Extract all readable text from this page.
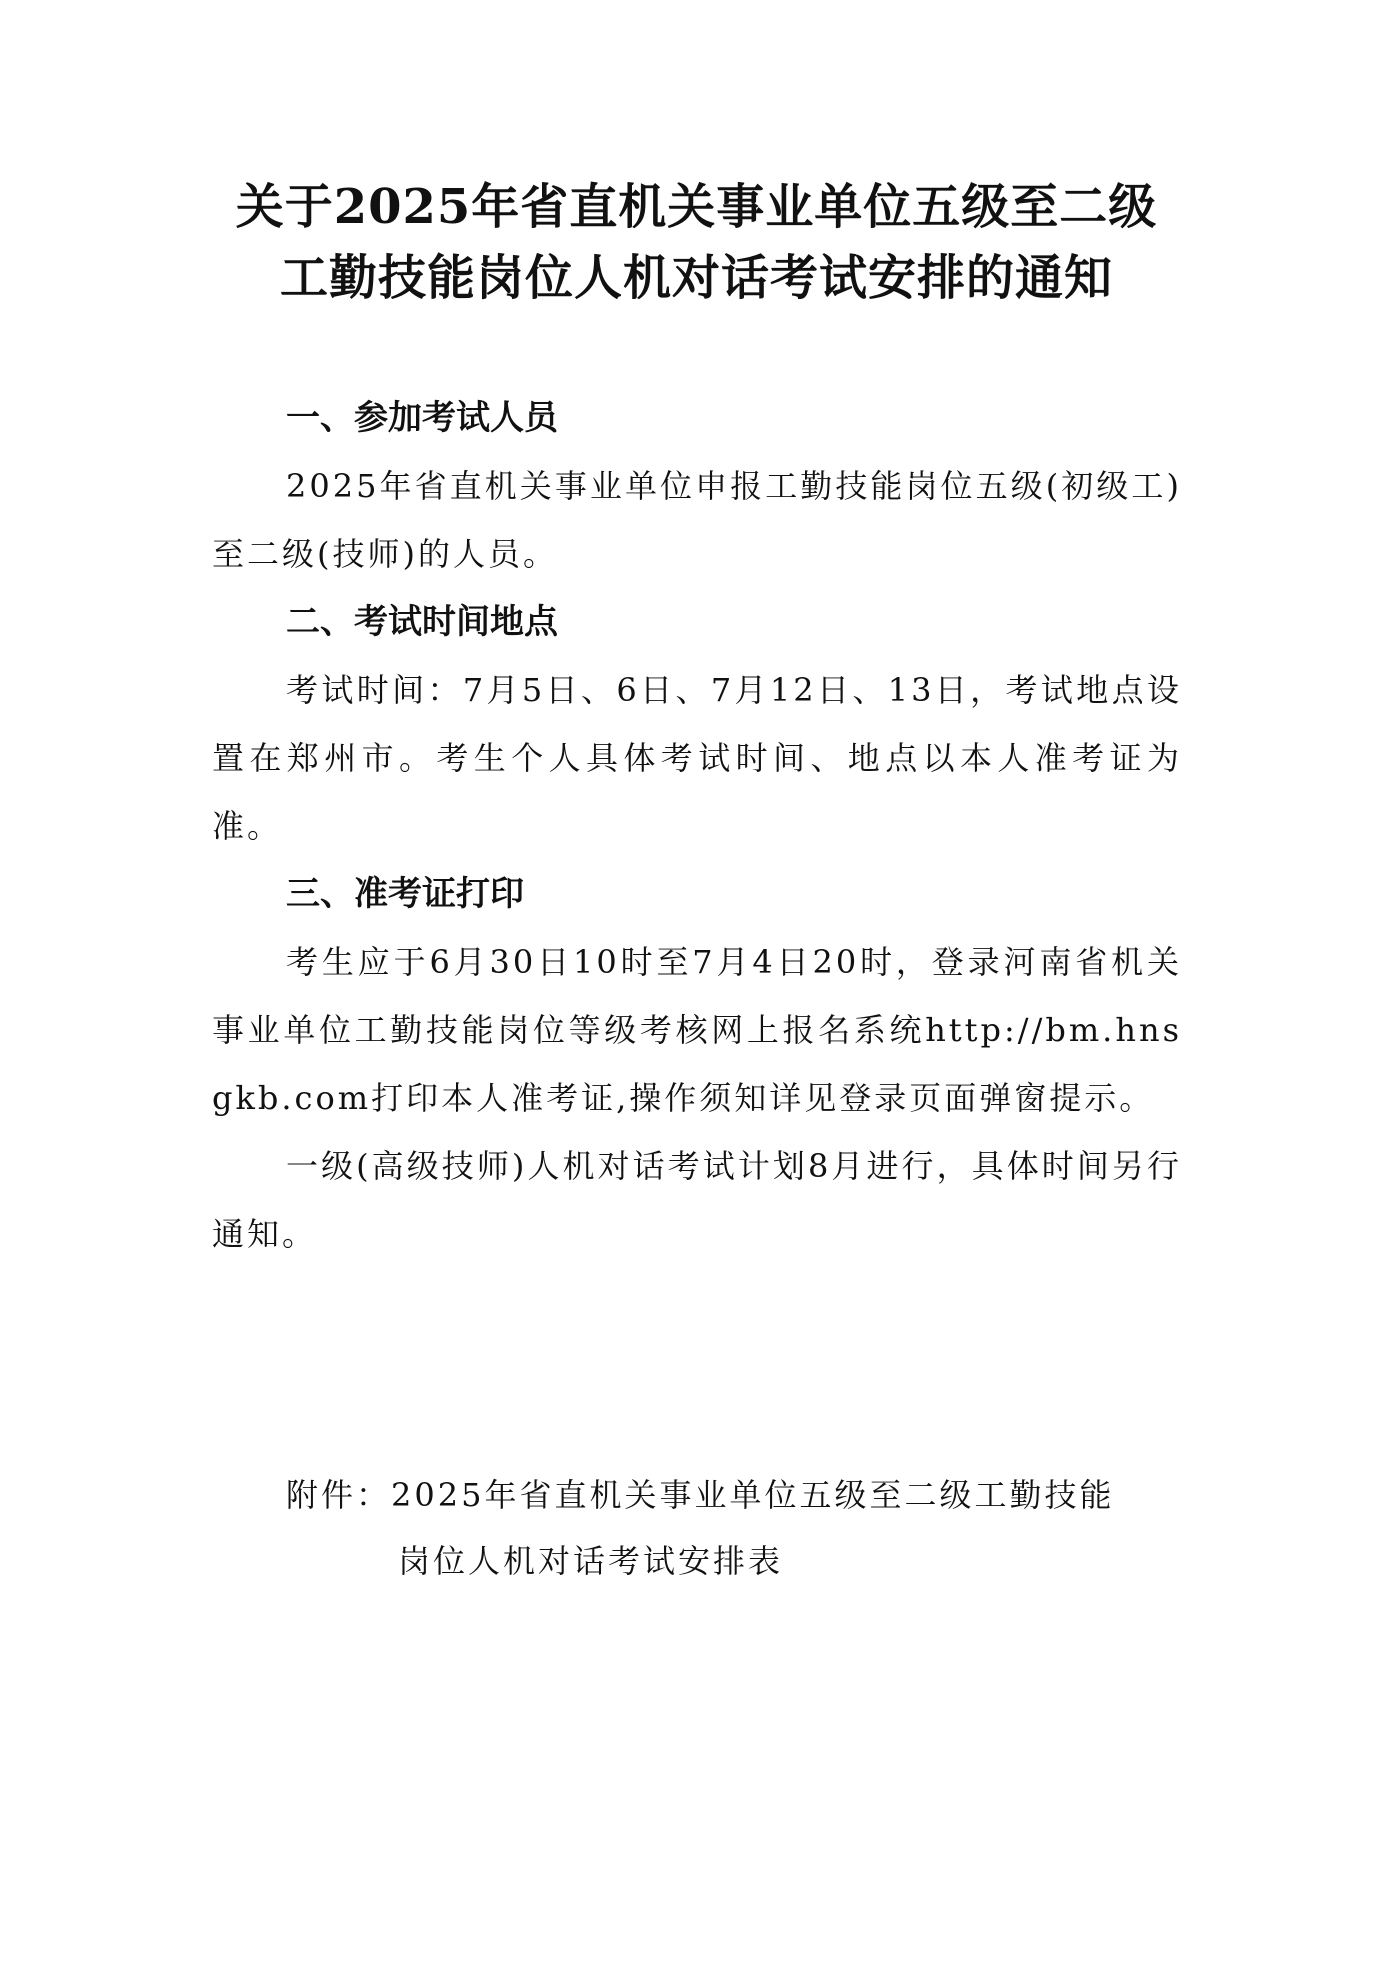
关于2025年省直机关事业单位五级至二级
工勤技能岗位人机对话考试安排的通知
一、参加考试人员

2025年省直机关事业单位申报工勤技能岗位五级(初级工)至二级(技师)的人员。

二、考试时间地点

考试时间：7月5日、6日、7月12日、13日，考试地点设置在郑州市。考生个人具体考试时间、地点以本人准考证为准。

三、准考证打印

考生应于6月30日10时至7月4日20时，登录河南省机关事业单位工勤技能岗位等级考核网上报名系统http://bm.hnsgkb.com打印本人准考证,操作须知详见登录页面弹窗提示。

一级(高级技师)人机对话考试计划8月进行，具体时间另行通知。

附件：2025年省直机关事业单位五级至二级工勤技能
岗位人机对话考试安排表
